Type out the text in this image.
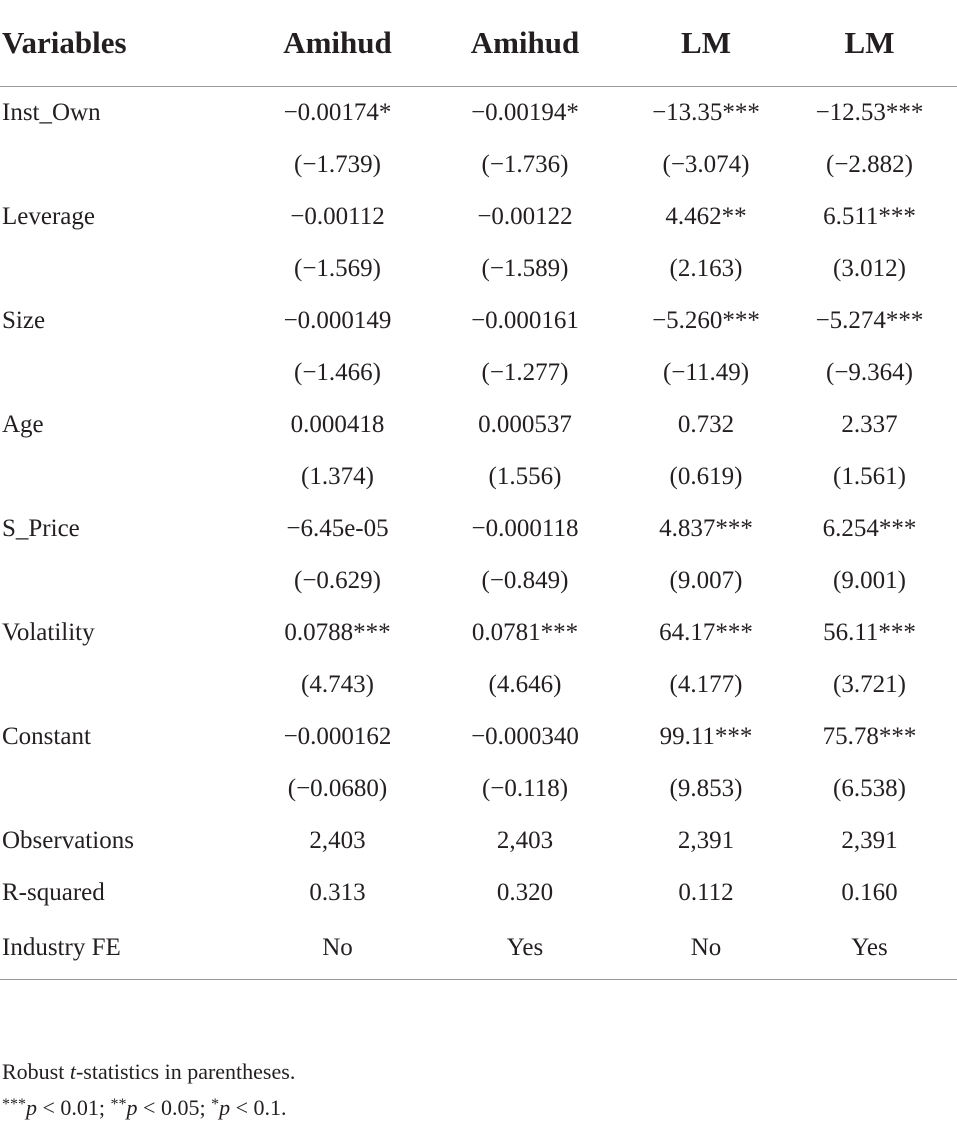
Variables	Amihud	Amihud	LM	LM
Inst_Own	−0.00174*	−0.00194*	−13.35***	−12.53***
	(−1.739)	(−1.736)	(−3.074)	(−2.882)
Leverage	−0.00112	−0.00122	4.462**	6.511***
	(−1.569)	(−1.589)	(2.163)	(3.012)
Size	−0.000149	−0.000161	−5.260***	−5.274***
	(−1.466)	(−1.277)	(−11.49)	(−9.364)
Age	0.000418	0.000537	0.732	2.337
	(1.374)	(1.556)	(0.619)	(1.561)
S_Price	−6.45e-05	−0.000118	4.837***	6.254***
	(−0.629)	(−0.849)	(9.007)	(9.001)
Volatility	0.0788***	0.0781***	64.17***	56.11***
	(4.743)	(4.646)	(4.177)	(3.721)
Constant	−0.000162	−0.000340	99.11***	75.78***
	(−0.0680)	(−0.118)	(9.853)	(6.538)
Observations	2,403	2,403	2,391	2,391
R-squared	0.313	0.320	0.112	0.160
Industry FE	No	Yes	No	Yes

Robust t-statistics in parentheses.
***p < 0.01; **p < 0.05; *p < 0.1.
